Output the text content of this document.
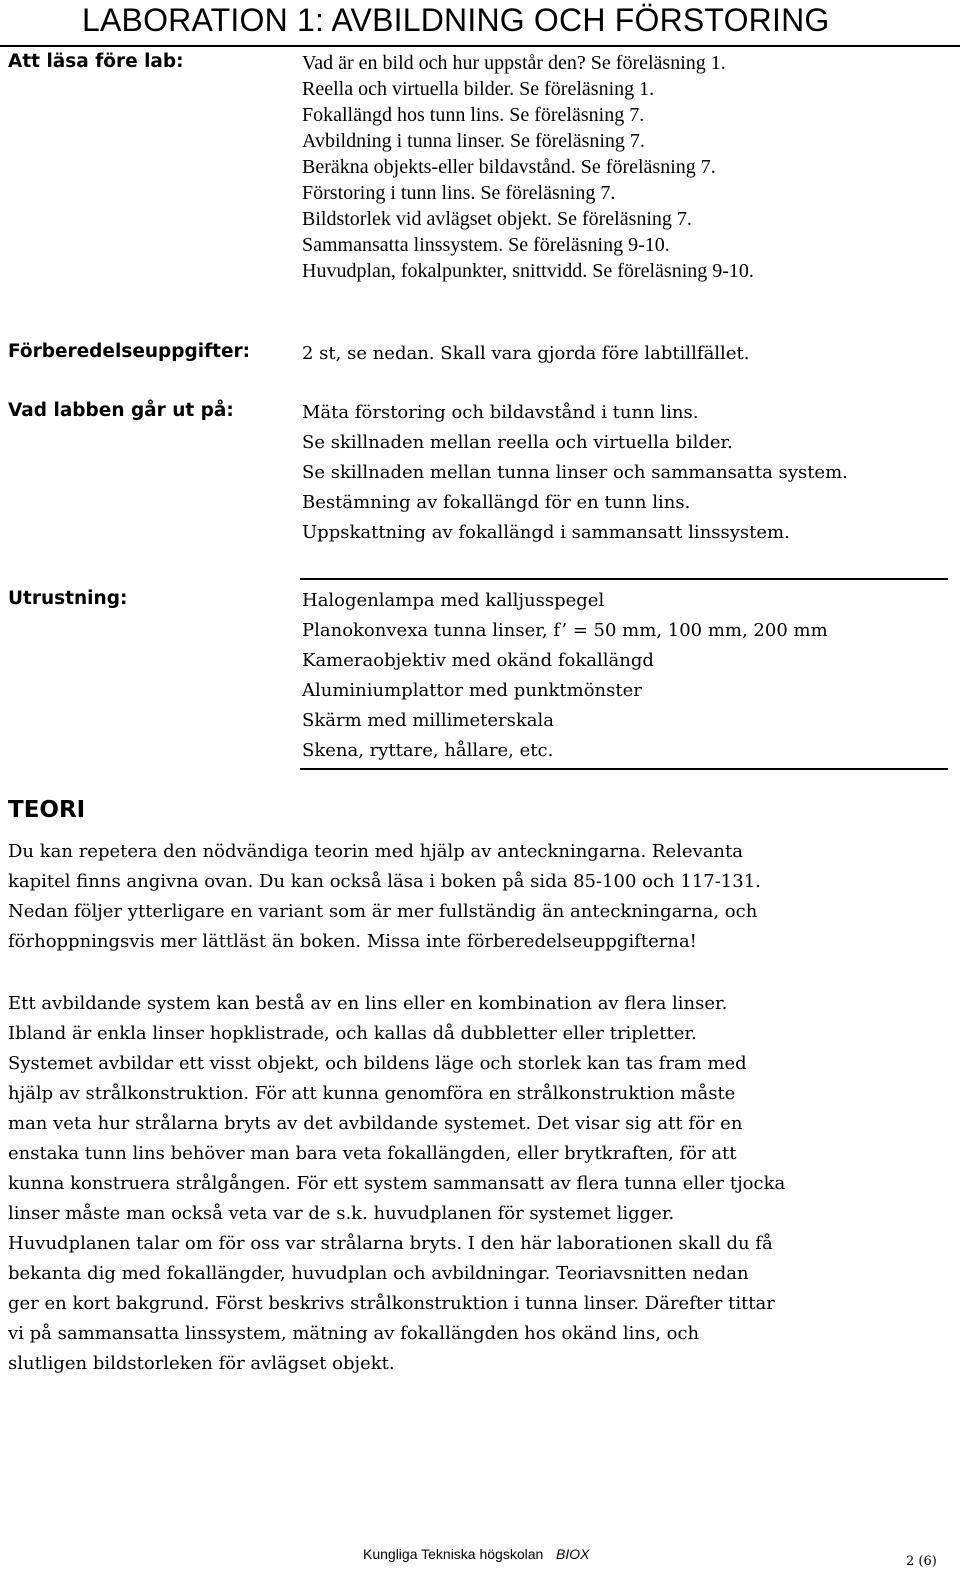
LABORATION 1: AVBILDNING OCH FÖRSTORING
Att läsa före lab:	Vad är en bild och hur uppstår den? Se föreläsning 1.
Reella och virtuella bilder. Se föreläsning 1.
Fokallängd hos tunn lins. Se föreläsning 7.
Avbildning i tunna linser. Se föreläsning 7.
Beräkna objekts-eller bildavstånd. Se föreläsning 7.
Förstoring i tunn lins. Se föreläsning 7.
Bildstorlek vid avlägset objekt. Se föreläsning 7.
Sammansatta linssystem. Se föreläsning 9-10.
Huvudplan, fokalpunkter, snittvidd. Se föreläsning 9-10.
Förberedelseuppgifter:	2 st, se nedan. Skall vara gjorda före labtillfället.
Vad labben går ut på:	Mäta förstoring och bildavstånd i tunn lins.
Se skillnaden mellan reella och virtuella bilder.
Se skillnaden mellan tunna linser och sammansatta system.
Bestämning av fokallängd för en tunn lins.
Uppskattning av fokallängd i sammansatt linssystem.
Utrustning:	Halogenlampa med kalljusspegel
Planokonvexa tunna linser, f’ = 50 mm, 100 mm, 200 mm
Kameraobjektiv med okänd fokallängd
Aluminiumplattor med punktmönster
Skärm med millimeterskala
Skena, ryttare, hållare, etc.
TEORI
Du kan repetera den nödvändiga teorin med hjälp av anteckningarna. Relevanta
kapitel finns angivna ovan. Du kan också läsa i boken på sida 85-100 och 117-131.
Nedan följer ytterligare en variant som är mer fullständig än anteckningarna, och
förhoppningsvis mer lättläst än boken. Missa inte förberedelseuppgifterna!
Ett avbildande system kan bestå av en lins eller en kombination av flera linser.
Ibland är enkla linser hopklistrade, och kallas då dubbletter eller tripletter.
Systemet avbildar ett visst objekt, och bildens läge och storlek kan tas fram med
hjälp av strålkonstruktion. För att kunna genomföra en strålkonstruktion måste
man veta hur strålarna bryts av det avbildande systemet. Det visar sig att för en
enstaka tunn lins behöver man bara veta fokallängden, eller brytkraften, för att
kunna konstruera strålgången. För ett system sammansatt av flera tunna eller tjocka
linser måste man också veta var de s.k. huvudplanen för systemet ligger.
Huvudplanen talar om för oss var strålarna bryts. I den här laborationen skall du få
bekanta dig med fokallängder, huvudplan och avbildningar. Teoriavsnitten nedan
ger en kort bakgrund. Först beskrivs strålkonstruktion i tunna linser. Därefter tittar
vi på sammansatta linssystem, mätning av fokallängden hos okänd lins, och
slutligen bildstorleken för avlägset objekt.
Kungliga Tekniska högskolan BIOX	2 (6)
